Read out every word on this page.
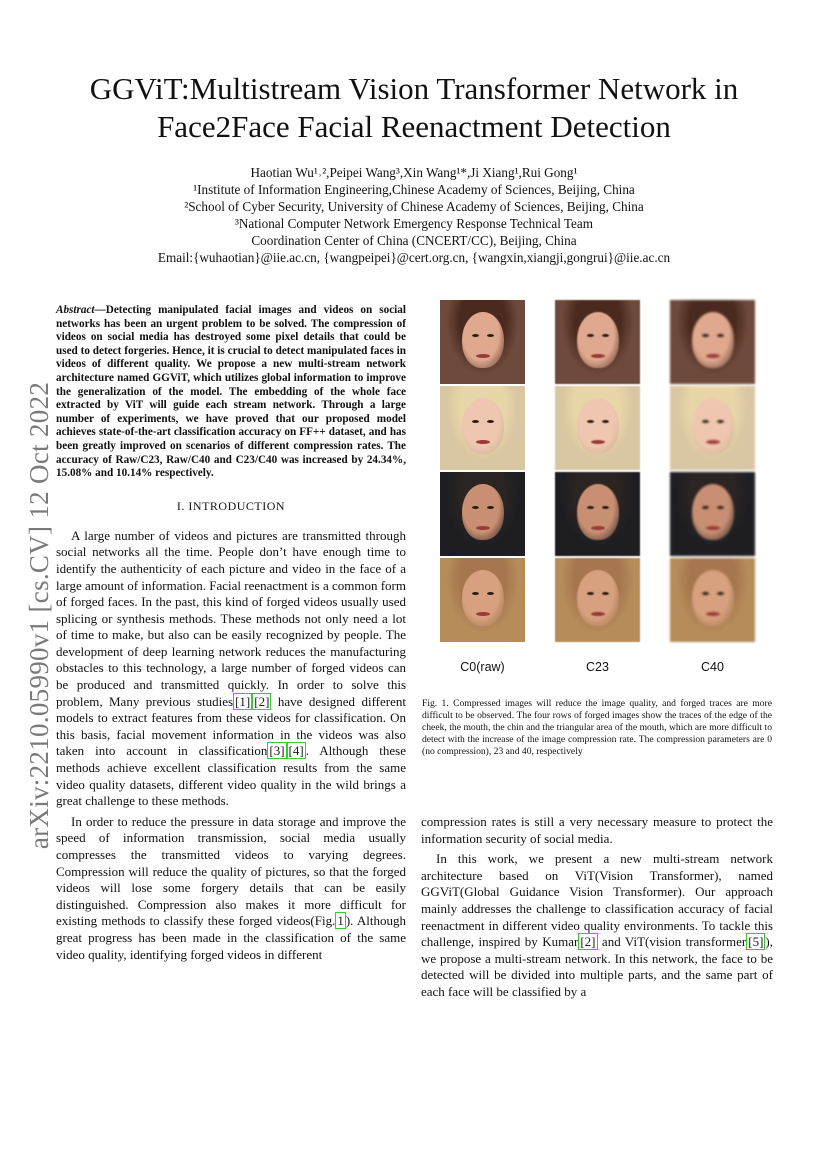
arXiv:2210.05990v1 [cs.CV] 12 Oct 2022
GGViT:Multistream Vision Transformer Network in
Face2Face Facial Reenactment Detection
Haotian Wu¹˒²,Peipei Wang³,Xin Wang¹*,Ji Xiang¹,Rui Gong¹
¹Institute of Information Engineering,Chinese Academy of Sciences, Beijing, China
²School of Cyber Security, University of Chinese Academy of Sciences, Beijing, China
³National Computer Network Emergency Response Technical Team
Coordination Center of China (CNCERT/CC), Beijing, China
Email:{wuhaotian}@iie.ac.cn, {wangpeipei}@cert.org.cn, {wangxin,xiangji,gongrui}@iie.ac.cn

Abstract—Detecting manipulated facial images and videos on social networks has been an urgent problem to be solved. The compression of videos on social media has destroyed some pixel details that could be used to detect forgeries. Hence, it is crucial to detect manipulated faces in videos of different quality. We propose a new multi-stream network architecture named GGViT, which utilizes global information to improve the generalization of the model. The embedding of the whole face extracted by ViT will guide each stream network. Through a large number of experiments, we have proved that our proposed model achieves state-of-the-art classification accuracy on FF++ dataset, and has been greatly improved on scenarios of different compression rates. The accuracy of Raw/C23, Raw/C40 and C23/C40 was increased by 24.34%, 15.08% and 10.14% respectively.

I. INTRODUCTION

A large number of videos and pictures are transmitted through social networks all the time. People don’t have enough time to identify the authenticity of each picture and video in the face of a large amount of information. Facial reenactment is a common form of forged faces. In the past, this kind of forged videos usually used splicing or synthesis methods. These methods not only need a lot of time to make, but also can be easily recognized by people. The development of deep learning network reduces the manufacturing obstacles to this technology, a large number of forged videos can be produced and transmitted quickly. In order to solve this problem, Many previous studies [1] [2] have designed different models to extract features from these videos for classification. On this basis, facial movement information in the videos was also taken into account in classification [3] [4] . Although these methods achieve excellent classification results from the same video quality datasets, different video quality in the wild brings a great challenge to these methods.

In order to reduce the pressure in data storage and improve the speed of information transmission, social media usually compresses the transmitted videos to varying degrees. Compression will reduce the quality of pictures, so that the forged videos will lose some forgery details that can be easily distinguished. Compression also makes it more difficult for existing methods to classify these forged videos(Fig. 1 ). Although great progress has been made in the classification of the same video quality, identifying forged videos in different

C0(raw)	C23	C40

Fig. 1. Compressed images will reduce the image quality, and forged traces are more difficult to be observed. The four rows of forged images show the traces of the edge of the cheek, the mouth, the chin and the triangular area of the mouth, which are more difficult to detect with the increase of the image compression rate. The compression parameters are 0 (no compression), 23 and 40, respectively

compression rates is still a very necessary measure to protect the information security of social media.

In this work, we present a new multi-stream network architecture based on ViT(Vision Transformer), named GGViT(Global Guidance Vision Transformer). Our approach mainly addresses the challenge to classification accuracy of facial reenactment in different video quality environments. To tackle this challenge, inspired by Kumar [2] and ViT(vision transformer [5] ), we propose a multi-stream network. In this network, the face to be detected will be divided into multiple parts, and the same part of each face will be classified by a
